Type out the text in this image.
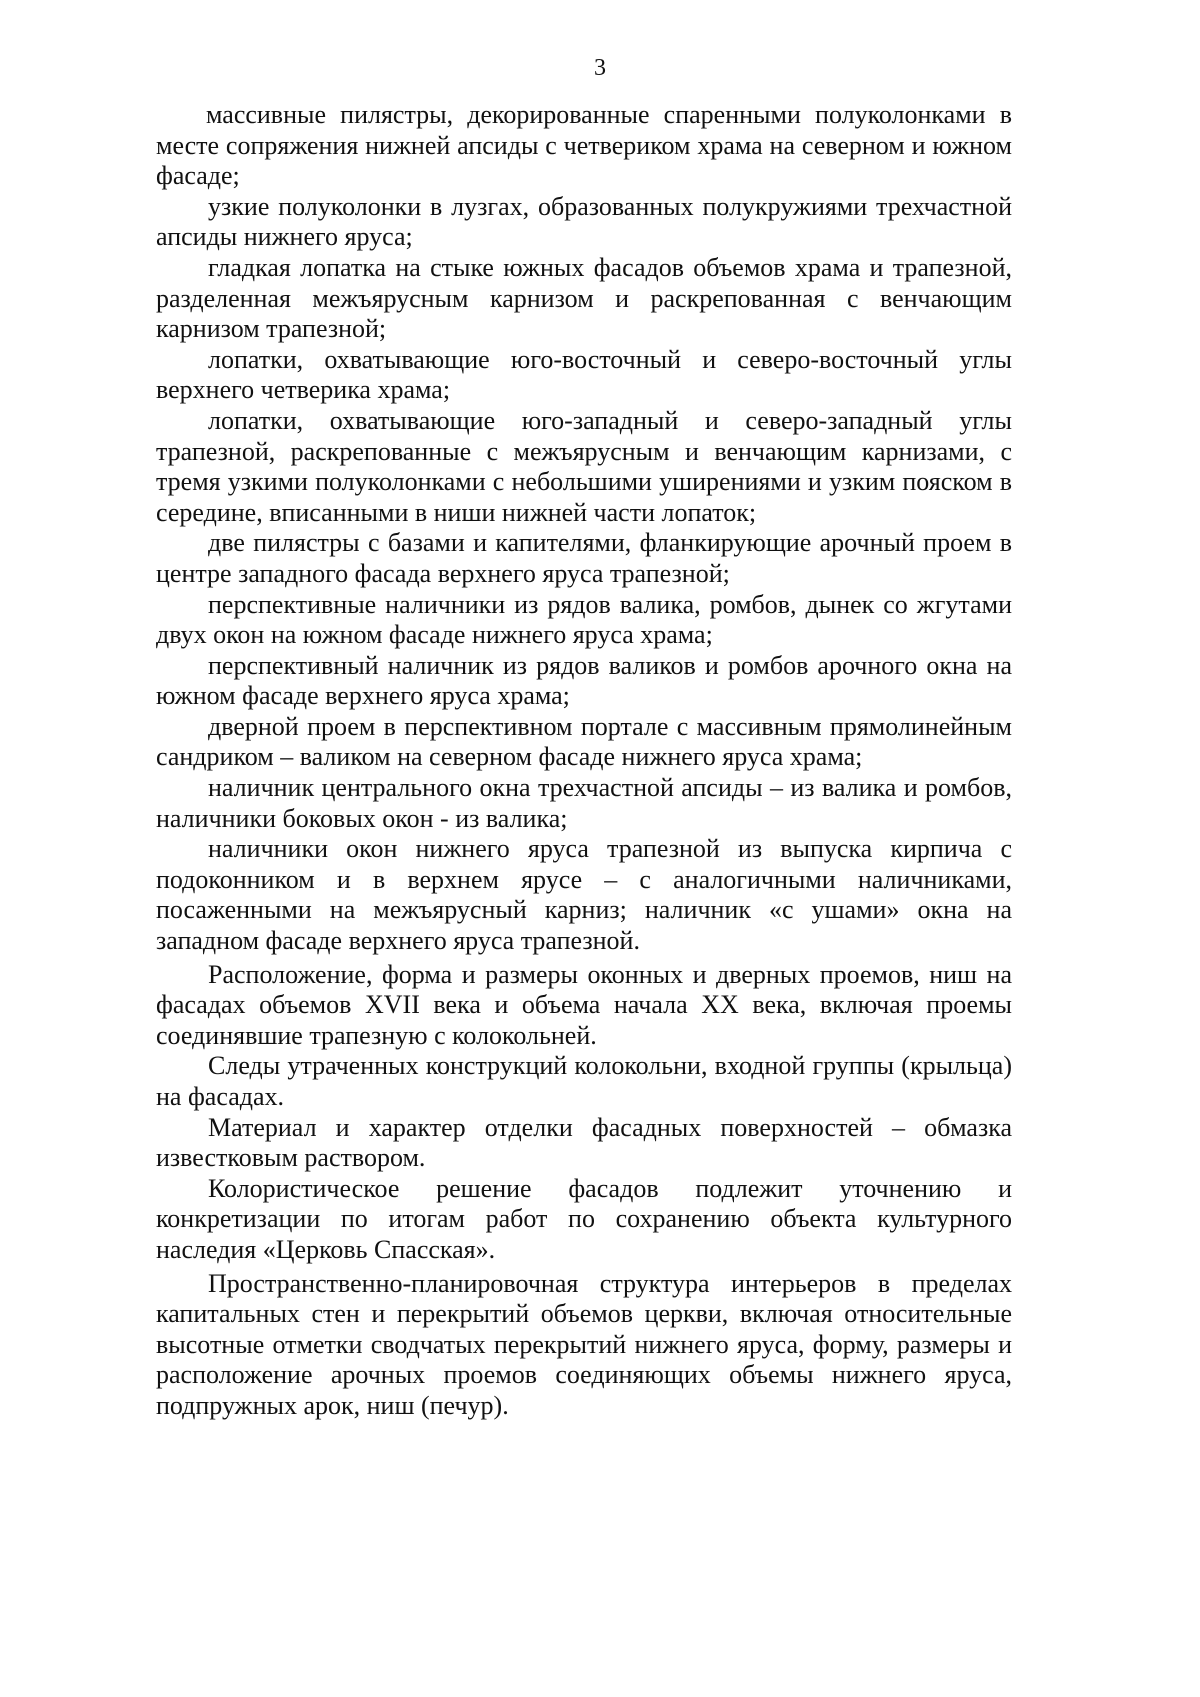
3

массивные пилястры, декорированные спаренными полуколонками в месте сопряжения нижней апсиды с четвериком храма на северном и южном фасаде;

узкие полуколонки в лузгах, образованных полукружиями трехчастной апсиды нижнего яруса;

гладкая лопатка на стыке южных фасадов объемов храма и трапезной, разделенная межъярусным карнизом и раскрепованная с венчающим карнизом трапезной;

лопатки, охватывающие юго-восточный и северо-восточный углы верхнего четверика храма;

лопатки, охватывающие юго-западный и северо-западный углы трапезной, раскрепованные с межъярусным и венчающим карнизами, с тремя узкими полуколонками с небольшими уширениями и узким пояском в середине, вписанными в ниши нижней части лопаток;

две пилястры с базами и капителями, фланкирующие арочный проем в центре западного фасада верхнего яруса трапезной;

перспективные наличники из рядов валика, ромбов, дынек со жгутами двух окон на южном фасаде нижнего яруса храма;

перспективный наличник из рядов валиков и ромбов арочного окна на южном фасаде верхнего яруса храма;

дверной проем в перспективном портале с массивным прямолинейным сандриком – валиком на северном фасаде нижнего яруса храма;

наличник центрального окна трехчастной апсиды – из валика и ромбов, наличники боковых окон - из валика;

наличники окон нижнего яруса трапезной из выпуска кирпича с подоконником и в верхнем ярусе – с аналогичными наличниками, посаженными на межъярусный карниз; наличник «с ушами» окна на западном фасаде верхнего яруса трапезной.

Расположение, форма и размеры оконных и дверных проемов, ниш на фасадах объемов XVII века и объема начала XX века, включая проемы соединявшие трапезную с колокольней.

Следы утраченных конструкций колокольни, входной группы (крыльца) на фасадах.

Материал и характер отделки фасадных поверхностей – обмазка известковым раствором.

Колористическое решение фасадов подлежит уточнению и конкретизации по итогам работ по сохранению объекта культурного наследия «Церковь Спасская».

Пространственно-планировочная структура интерьеров в пределах капитальных стен и перекрытий объемов церкви, включая относительные высотные отметки сводчатых перекрытий нижнего яруса, форму, размеры и расположение арочных проемов соединяющих объемы нижнего яруса, подпружных арок, ниш (печур).
